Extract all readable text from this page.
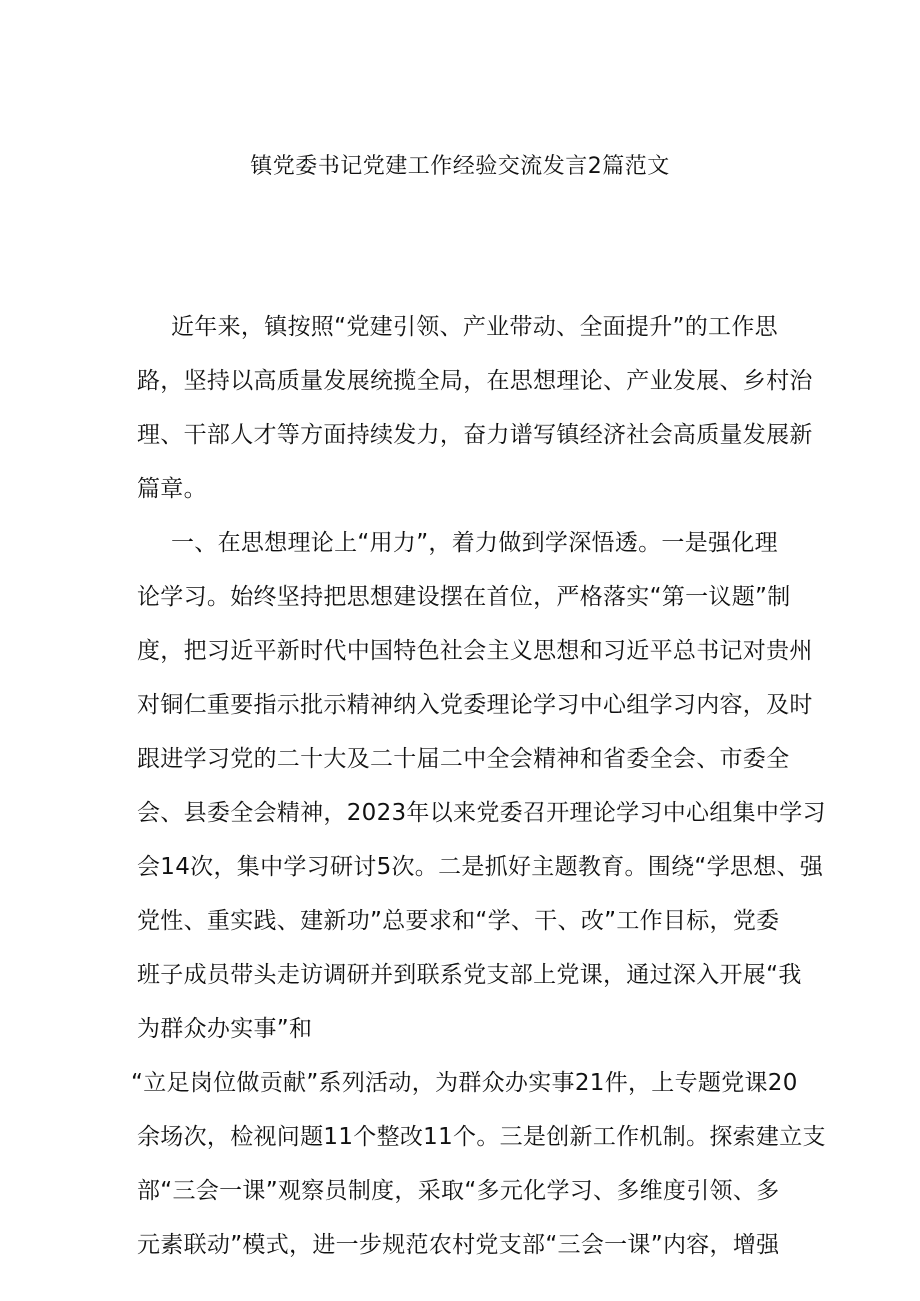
镇党委书记党建工作经验交流发言2篇范文
近年来，镇按照“党建引领、产业带动、全面提升”的工作思
路，坚持以高质量发展统揽全局，在思想理论、产业发展、乡村治
理、干部人才等方面持续发力，奋力谱写镇经济社会高质量发展新
篇章。
一、在思想理论上“用力”，着力做到学深悟透。一是强化理
论学习。始终坚持把思想建设摆在首位，严格落实“第一议题”制
度，把习近平新时代中国特色社会主义思想和习近平总书记对贵州
对铜仁重要指示批示精神纳入党委理论学习中心组学习内容，及时
跟进学习党的二十大及二十届二中全会精神和省委全会、市委全
会、县委全会精神，2023年以来党委召开理论学习中心组集中学习
会14次，集中学习研讨5次。二是抓好主题教育。围绕“学思想、强
党性、重实践、建新功”总要求和“学、干、改”工作目标，党委
班子成员带头走访调研并到联系党支部上党课，通过深入开展“我
为群众办实事”和
“立足岗位做贡献”系列活动，为群众办实事21件，上专题党课20
余场次，检视问题11个整改11个。三是创新工作机制。探索建立支
部“三会一课”观察员制度，采取“多元化学习、多维度引领、多
元素联动”模式，进一步规范农村党支部“三会一课”内容，增强
